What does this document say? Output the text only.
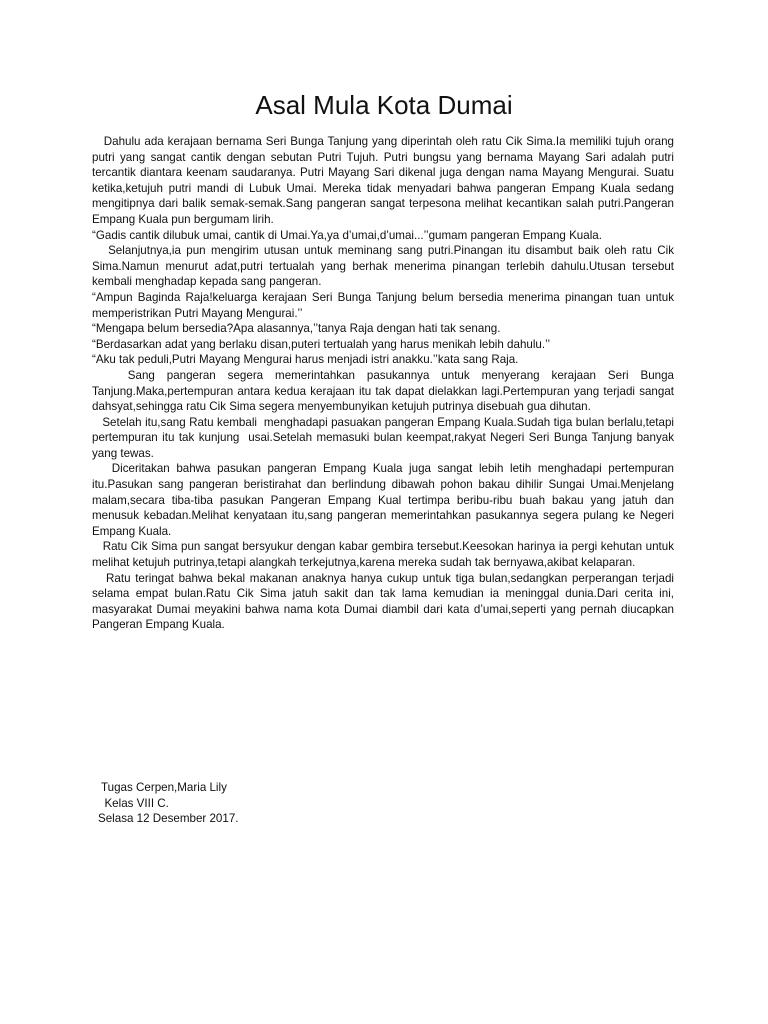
Asal Mula Kota Dumai

Dahulu ada kerajaan bernama Seri Bunga Tanjung yang diperintah oleh ratu Cik Sima.Ia memiliki tujuh orang putri yang sangat cantik dengan sebutan Putri Tujuh. Putri bungsu yang bernama Mayang Sari adalah putri tercantik diantara keenam saudaranya. Putri Mayang Sari dikenal juga dengan nama Mayang Mengurai. Suatu ketika,ketujuh putri mandi di Lubuk Umai. Mereka tidak menyadari bahwa pangeran Empang Kuala sedang mengitipnya dari balik semak-semak.Sang pangeran sangat terpesona melihat kecantikan salah putri.Pangeran Empang Kuala pun bergumam lirih.

“Gadis cantik dilubuk umai, cantik di Umai.Ya,ya d’umai,d’umai...’’gumam pangeran Empang Kuala.

Selanjutnya,ia pun mengirim utusan untuk meminang sang putri.Pinangan itu disambut baik oleh ratu Cik Sima.Namun menurut adat,putri tertualah yang berhak menerima pinangan terlebih dahulu.Utusan tersebut kembali menghadap kepada sang pangeran.

“Ampun Baginda Raja!keluarga kerajaan Seri Bunga Tanjung belum bersedia menerima pinangan tuan untuk memperistrikan Putri Mayang Mengurai.’’

“Mengapa belum bersedia?Apa alasannya,’’tanya Raja dengan hati tak senang.

“Berdasarkan adat yang berlaku disan,puteri tertualah yang harus menikah lebih dahulu.’’

“Aku tak peduli,Putri Mayang Mengurai harus menjadi istri anakku.’’kata sang Raja.

Sang pangeran segera memerintahkan pasukannya untuk menyerang kerajaan Seri Bunga Tanjung.Maka,pertempuran antara kedua kerajaan itu tak dapat dielakkan lagi.Pertempuran yang terjadi sangat dahsyat,sehingga ratu Cik Sima segera menyembunyikan ketujuh putrinya disebuah gua dihutan.

Setelah itu,sang Ratu kembali  menghadapi pasuakan pangeran Empang Kuala.Sudah tiga bulan berlalu,tetapi pertempuran itu tak kunjung  usai.Setelah memasuki bulan keempat,rakyat Negeri Seri Bunga Tanjung banyak yang tewas.

Diceritakan bahwa pasukan pangeran Empang Kuala juga sangat lebih letih menghadapi pertempuran itu.Pasukan sang pangeran beristirahat dan berlindung dibawah pohon bakau dihilir Sungai Umai.Menjelang malam,secara tiba-tiba pasukan Pangeran Empang Kual tertimpa beribu-ribu buah bakau yang jatuh dan menusuk kebadan.Melihat kenyataan itu,sang pangeran memerintahkan pasukannya segera pulang ke Negeri Empang Kuala.

Ratu Cik Sima pun sangat bersyukur dengan kabar gembira tersebut.Keesokan harinya ia pergi kehutan untuk melihat ketujuh putrinya,tetapi alangkah terkejutnya,karena mereka sudah tak bernyawa,akibat kelaparan.

Ratu teringat bahwa bekal makanan anaknya hanya cukup untuk tiga bulan,sedangkan perperangan terjadi selama empat bulan.Ratu Cik Sima jatuh sakit dan tak lama kemudian ia meninggal dunia.Dari cerita ini, masyarakat Dumai meyakini bahwa nama kota Dumai diambil dari kata d’umai,seperti yang pernah diucapkan Pangeran Empang Kuala.

Tugas Cerpen,Maria Lily
Kelas VIII C.
Selasa 12 Desember 2017.
